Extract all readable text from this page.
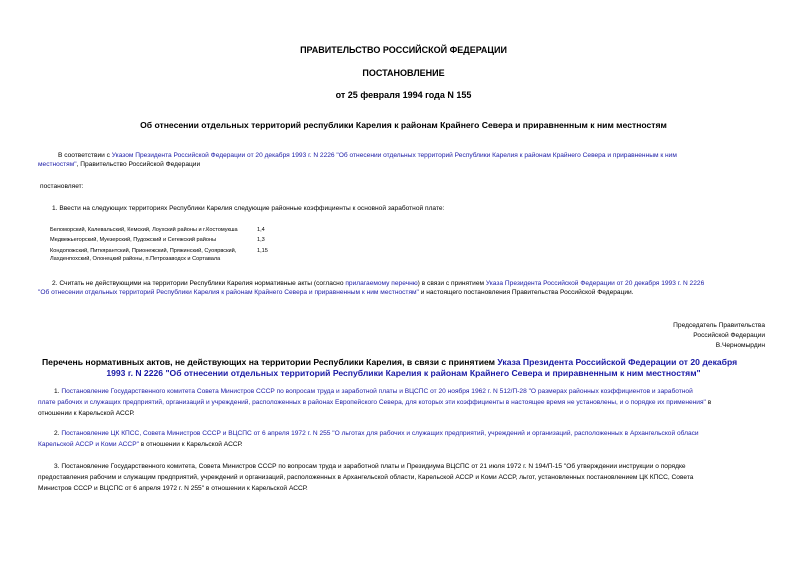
ПРАВИТЕЛЬСТВО РОССИЙСКОЙ ФЕДЕРАЦИИ
ПОСТАНОВЛЕНИЕ
от 25 февраля 1994 года N 155
Об отнесении отдельных территорий республики Карелия к районам Крайнего Севера и приравненным к ним местностям
В соответствии с Указом Президента Российской Федерации от 20 декабря 1993 г. N 2226 "Об отнесении отдельных территорий Республики Карелия к районам Крайнего Севера и приравненным к ним
местностям", Правительство Российской Федерации
постановляет:
1. Ввести на следующих территориях Республики Карелия следующие районные коэффициенты к основной заработной плате:
Беломорский, Калевальский, Кемский, Лоухский районы и г.Костомукша	1,4
Медвежьегорский, Муезерский, Пудожский и Сегежский районы	1,3
Кондопожский, Питкярантский, Прионежский, Пряжинский, Суоярвский,
Лахденпохский, Олонецкий районы, п.Петрозаводск и Сортавала
1,15
2. Считать не действующими на территории Республики Карелия нормативные акты (согласно прилагаемому перечню) в связи с принятием Указа Президента Российской Федерации от 20 декабря 1993 г. N 2226
"Об отнесении отдельных территорий Республики Карелия к районам Крайнего Севера и приравненным к ним местностям" и настоящего постановления Правительства Российской Федерации.
Председатель Правительства
Российской Федерации
В.Черномырдин
Перечень нормативных актов, не действующих на территории Республики Карелия, в связи с принятием Указа Президента Российской Федерации от 20 декабря
1993 г. N 2226 "Об отнесении отдельных территорий Республики Карелия к районам Крайнего Севера и приравненным к ним местностям"
1. Постановление Государственного комитета Совета Министров СССР по вопросам труда и заработной платы и ВЦСПС от 20 ноября 1962 г. N 512/П-28 "О размерах районных коэффициентов и заработной
плате рабочих и служащих предприятий, организаций и учреждений, расположенных в районах Европейского Севера, для которых эти коэффициенты в настоящее время не установлены, и о порядке их применения" в
отношении к Карельской АССР.
2. Постановление ЦК КПСС, Совета Министров СССР и ВЦСПС от 6 апреля 1972 г. N 255 "О льготах для рабочих и служащих предприятий, учреждений и организаций, расположенных в Архангельской обласи
Карельской АССР и Коми АССР" в отношении к Карельской АССР.
3. Постановление Государственного комитета, Совета Министров СССР по вопросам труда и заработной платы и Президиума ВЦСПС от 21 июля 1972 г. N 194/П-15 "Об утверждении инструкции о порядке
предоставления рабочим и служащим предприятий, учреждений и организаций, расположенных в Архангельской области, Карельской АССР и Коми АССР, льгот, установленных постановлением ЦК КПСС, Совета
Министров СССР и ВЦСПС от 6 апреля 1972 г. N 255" в отношении к Карельской АССР.
